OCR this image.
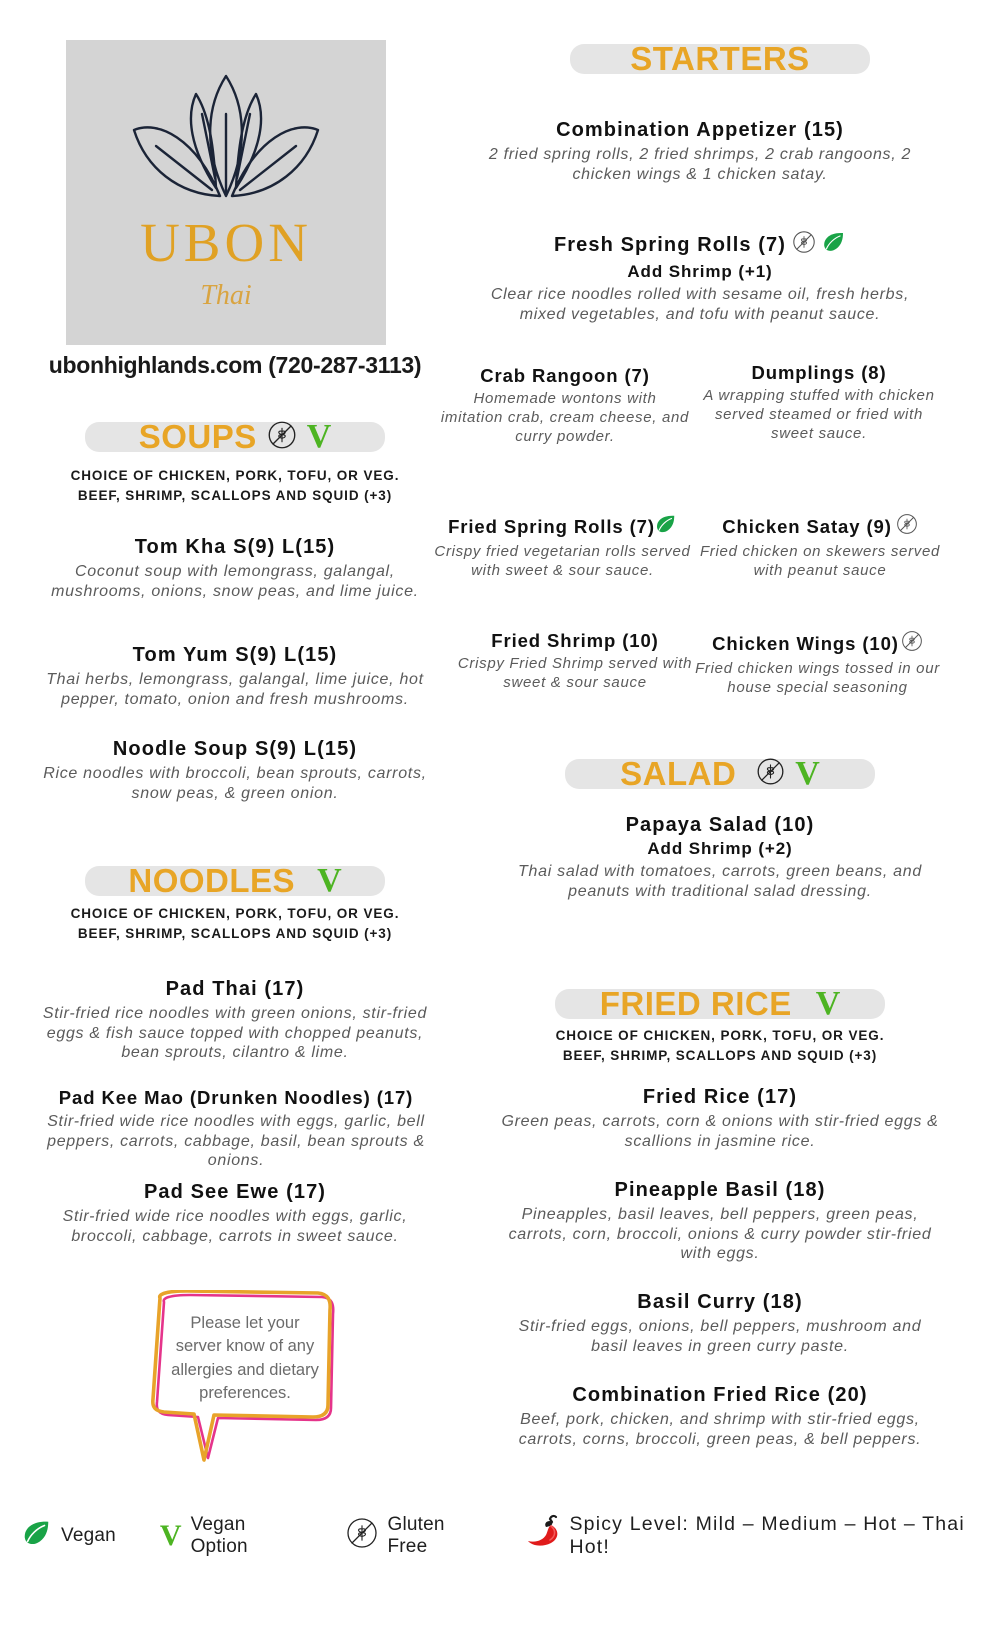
UBON
Thai
ubonhighlands.com (720-287-3113)
SOUPS V
CHOICE OF CHICKEN, PORK, TOFU, OR VEG.
BEEF, SHRIMP, SCALLOPS AND SQUID (+3)
Tom Kha S(9) L(15)
Coconut soup with lemongrass, galangal, mushrooms, onions, snow peas, and lime juice.
Tom Yum S(9) L(15)
Thai herbs, lemongrass, galangal, lime juice, hot pepper, tomato, onion and fresh mushrooms.
Noodle Soup S(9) L(15)
Rice noodles with broccoli, bean sprouts, carrots, snow peas, & green onion.
NOODLES V
CHOICE OF CHICKEN, PORK, TOFU, OR VEG.
BEEF, SHRIMP, SCALLOPS AND SQUID (+3)
Pad Thai (17)
Stir-fried rice noodles with green onions, stir-fried eggs & fish sauce topped with chopped peanuts, bean sprouts, cilantro & lime.
Pad Kee Mao (Drunken Noodles) (17)
Stir-fried wide rice noodles with eggs, garlic, bell peppers, carrots, cabbage, basil, bean sprouts & onions.
Pad See Ewe (17)
Stir-fried wide rice noodles with eggs, garlic, broccoli, cabbage, carrots in sweet sauce.
Please let your server know of any allergies and dietary preferences.
STARTERS
Combination Appetizer (15)
2 fried spring rolls, 2 fried shrimps, 2 crab rangoons, 2 chicken wings & 1 chicken satay.
Fresh Spring Rolls (7)
Add Shrimp (+1)
Clear rice noodles rolled with sesame oil, fresh herbs, mixed vegetables, and tofu with peanut sauce.
Crab Rangoon (7)
Homemade wontons with imitation crab, cream cheese, and curry powder.
Dumplings (8)
A wrapping stuffed with chicken served steamed or fried with sweet sauce.
Fried Spring Rolls (7)
Crispy fried vegetarian rolls served with sweet & sour sauce.
Chicken Satay (9)
Fried chicken on skewers served with peanut sauce
Fried Shrimp (10)
Crispy Fried Shrimp served with sweet & sour sauce
Chicken Wings (10)
Fried chicken wings tossed in our house special seasoning
SALAD V
Papaya Salad (10)
Add Shrimp (+2)
Thai salad with tomatoes, carrots, green beans, and peanuts with traditional salad dressing.
FRIED RICE V
CHOICE OF CHICKEN, PORK, TOFU, OR VEG.
BEEF, SHRIMP, SCALLOPS AND SQUID (+3)
Fried Rice (17)
Green peas, carrots, corn & onions with stir-fried eggs & scallions in jasmine rice.
Pineapple Basil (18)
Pineapples, basil leaves, bell peppers, green peas, carrots, corn, broccoli, onions & curry powder stir-fried with eggs.
Basil Curry (18)
Stir-fried eggs, onions, bell peppers, mushroom and basil leaves in green curry paste.
Combination Fried Rice (20)
Beef, pork, chicken, and shrimp with stir-fried eggs, carrots, corns, broccoli, green peas, & bell peppers.
Vegan V Vegan Option
Gluten Free
Spicy Level: Mild – Medium – Hot – Thai Hot!
